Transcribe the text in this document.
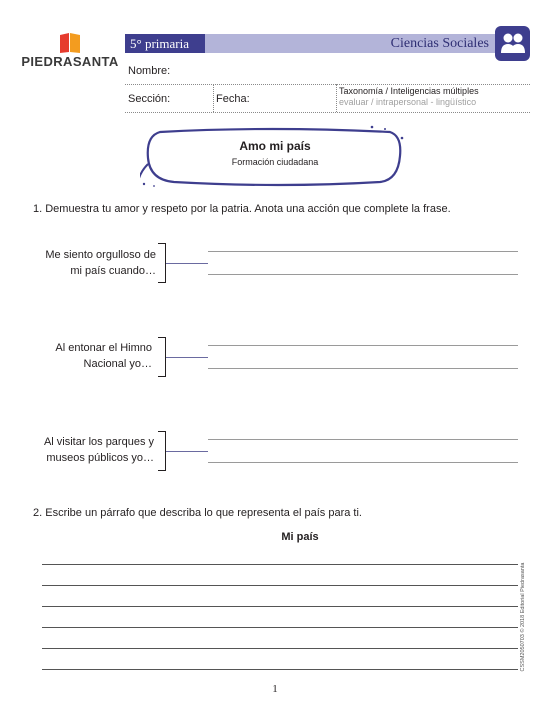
PIEDRASANTA
5° primaria	Ciencias Sociales
Nombre:
Sección:	Fecha:
Taxonomía / Inteligencias múltiples
evaluar / intrapersonal - lingüístico
Amo mi país
Formación ciudadana
1. Demuestra tu amor y respeto por la patria. Anota una acción que complete la frase.
Me siento orgulloso de
mi país cuando…
Al entonar el Himno
Nacional yo…
Al visitar los parques y
museos públicos yo…
2. Escribe un párrafo que describa lo que representa el país para ti.
Mi país
CSSM2050703 © 2018 Editorial Piedrasanta
1
